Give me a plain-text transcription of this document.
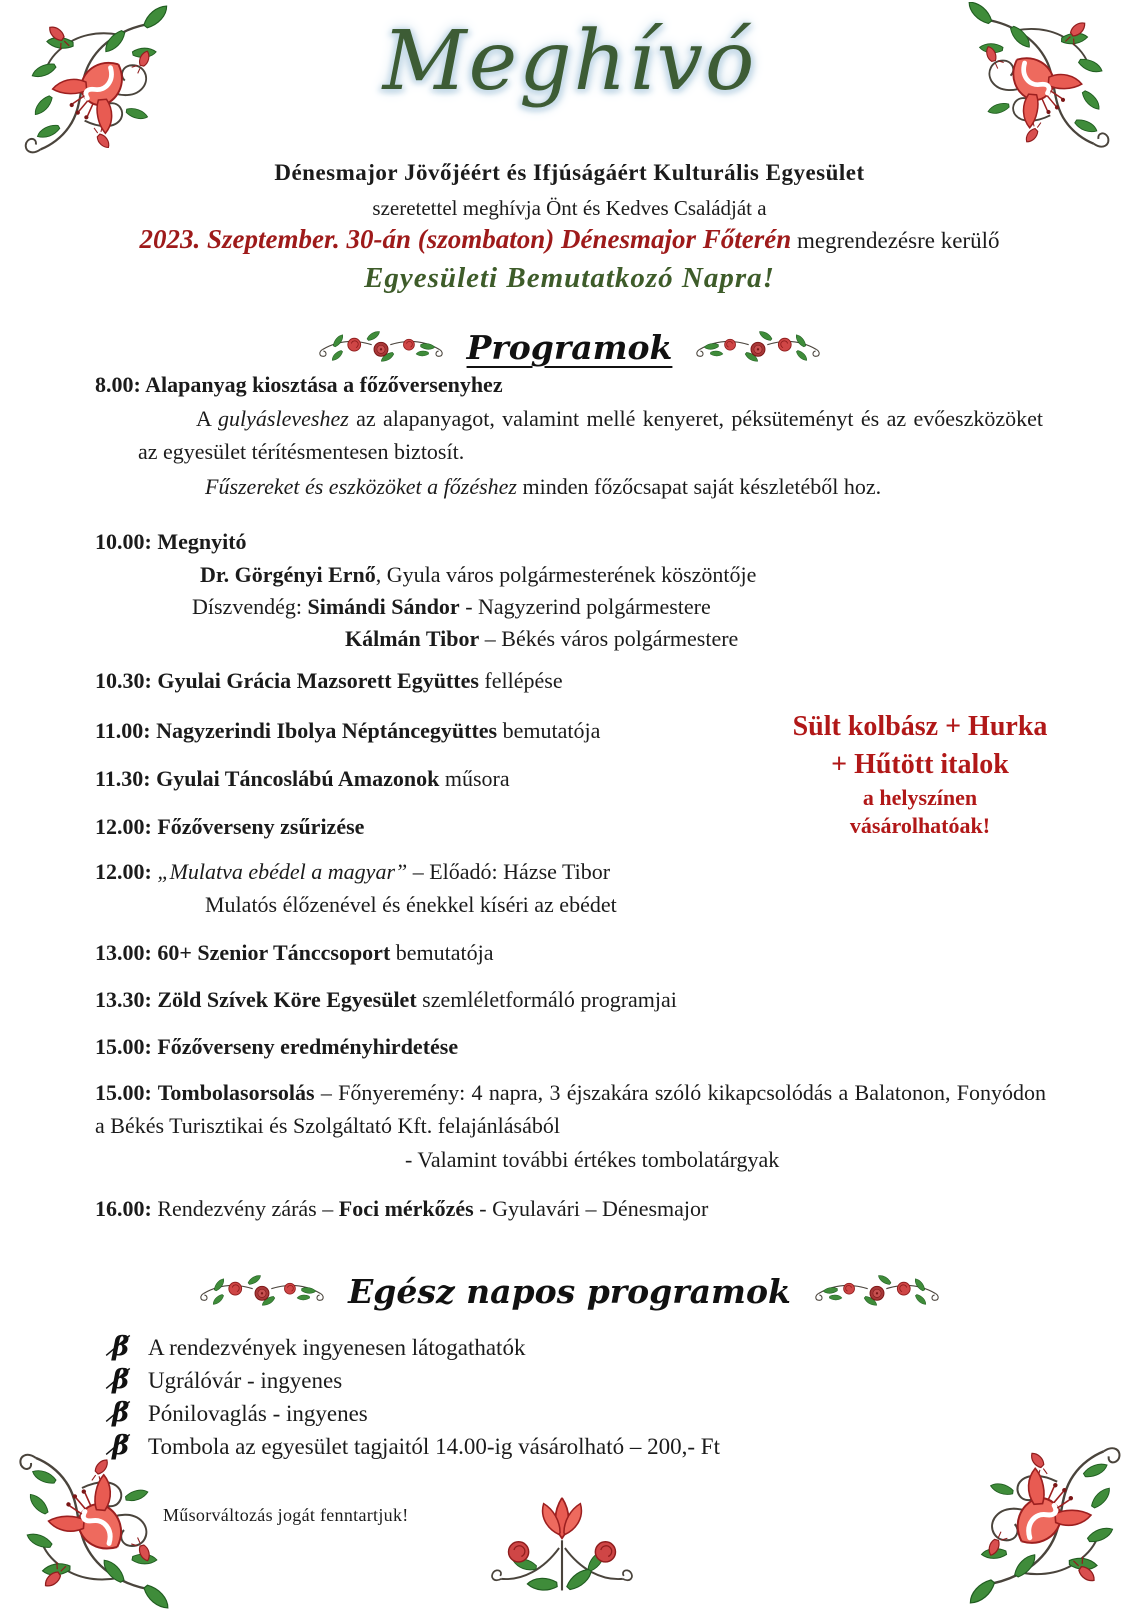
Meghívó
Dénesmajor Jövőjéért és Ifjúságáért Kulturális Egyesület
szeretettel meghívja Önt és Kedves Családját a
2023. Szeptember. 30-án (szombaton) Dénesmajor Főterén megrendezésre kerülő
Egyesületi Bemutatkozó Napra!
Programok
8.00: Alapanyag kiosztása a főzőversenyhez
A gulyásleveshez az alapanyagot, valamint mellé kenyeret, péksüteményt és az evőeszközöket az egyesület térítésmentesen biztosít.
Fűszereket és eszközöket a főzéshez minden főzőcsapat saját készletéből hoz.
10.00: Megnyitó
Dr. Görgényi Ernő, Gyula város polgármesterének köszöntője
Díszvendég: Simándi Sándor - Nagyzerind polgármestere
Kálmán Tibor – Békés város polgármestere
10.30: Gyulai Grácia Mazsorett Együttes fellépése
11.00: Nagyzerindi Ibolya Néptáncegyüttes bemutatója
11.30: Gyulai Táncoslábú Amazonok műsora
12.00: Főzőverseny zsűrizése
12.00: „Mulatva ebédel a magyar” – Előadó: Házse Tibor
Mulatós élőzenével és énekkel kíséri az ebédet
13.00: 60+ Szenior Tánccsoport bemutatója
13.30: Zöld Szívek Köre Egyesület szemléletformáló programjai
15.00: Főzőverseny eredményhirdetése
15.00: Tombolasorsolás – Főnyeremény: 4 napra, 3 éjszakára szóló kikapcsolódás a Balatonon, Fonyódon a Békés Turisztikai és Szolgáltató Kft. felajánlásából
- Valamint további értékes tombolatárgyak
16.00: Rendezvény zárás – Foci mérkőzés - Gyulavári – Dénesmajor
Sült kolbász + Hurka
+ Hűtött italok
a helyszínen
vásárolhatóak!
Egész napos programok
β̸ A rendezvények ingyenesen látogathatók
β̸ Ugrálóvár - ingyenes
β̸ Pónilovaglás - ingyenes
β̸ Tombola az egyesület tagjaitól 14.00-ig vásárolható – 200,- Ft
Műsorváltozás jogát fenntartjuk!
